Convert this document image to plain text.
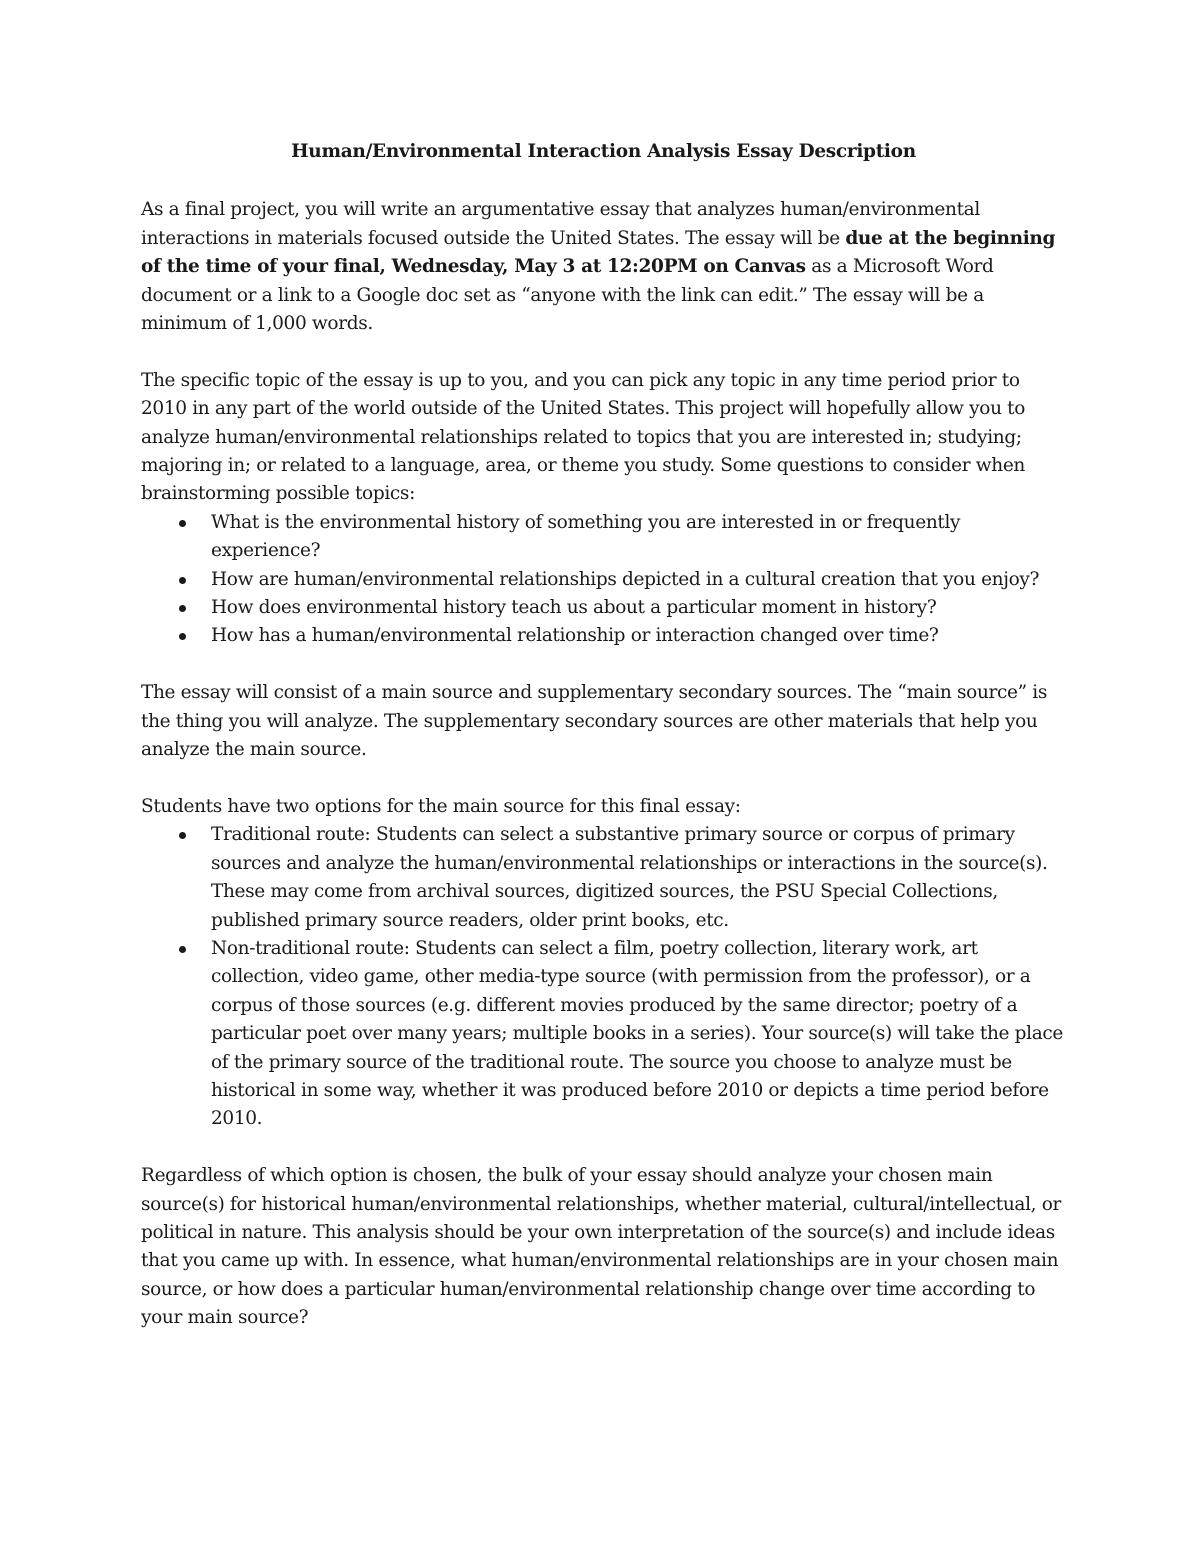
Human/Environmental Interaction Analysis Essay Description

As a final project, you will write an argumentative essay that analyzes human/environmental interactions in materials focused outside the United States. The essay will be due at the beginning of the time of your final, Wednesday, May 3 at 12:20PM on Canvas as a Microsoft Word document or a link to a Google doc set as “anyone with the link can edit.” The essay will be a minimum of 1,000 words.

The specific topic of the essay is up to you, and you can pick any topic in any time period prior to 2010 in any part of the world outside of the United States. This project will hopefully allow you to analyze human/environmental relationships related to topics that you are interested in; studying; majoring in; or related to a language, area, or theme you study. Some questions to consider when brainstorming possible topics:

What is the environmental history of something you are interested in or frequently experience?
How are human/environmental relationships depicted in a cultural creation that you enjoy?
How does environmental history teach us about a particular moment in history?
How has a human/environmental relationship or interaction changed over time?

The essay will consist of a main source and supplementary secondary sources. The “main source” is the thing you will analyze. The supplementary secondary sources are other materials that help you analyze the main source.

Students have two options for the main source for this final essay:

Traditional route: Students can select a substantive primary source or corpus of primary sources and analyze the human/environmental relationships or interactions in the source(s). These may come from archival sources, digitized sources, the PSU Special Collections, published primary source readers, older print books, etc.
Non-traditional route: Students can select a film, poetry collection, literary work, art collection, video game, other media-type source (with permission from the professor), or a corpus of those sources (e.g. different movies produced by the same director; poetry of a particular poet over many years; multiple books in a series). Your source(s) will take the place of the primary source of the traditional route. The source you choose to analyze must be historical in some way, whether it was produced before 2010 or depicts a time period before 2010.

Regardless of which option is chosen, the bulk of your essay should analyze your chosen main source(s) for historical human/environmental relationships, whether material, cultural/intellectual, or political in nature. This analysis should be your own interpretation of the source(s) and include ideas that you came up with. In essence, what human/environmental relationships are in your chosen main source, or how does a particular human/environmental relationship change over time according to your main source?
